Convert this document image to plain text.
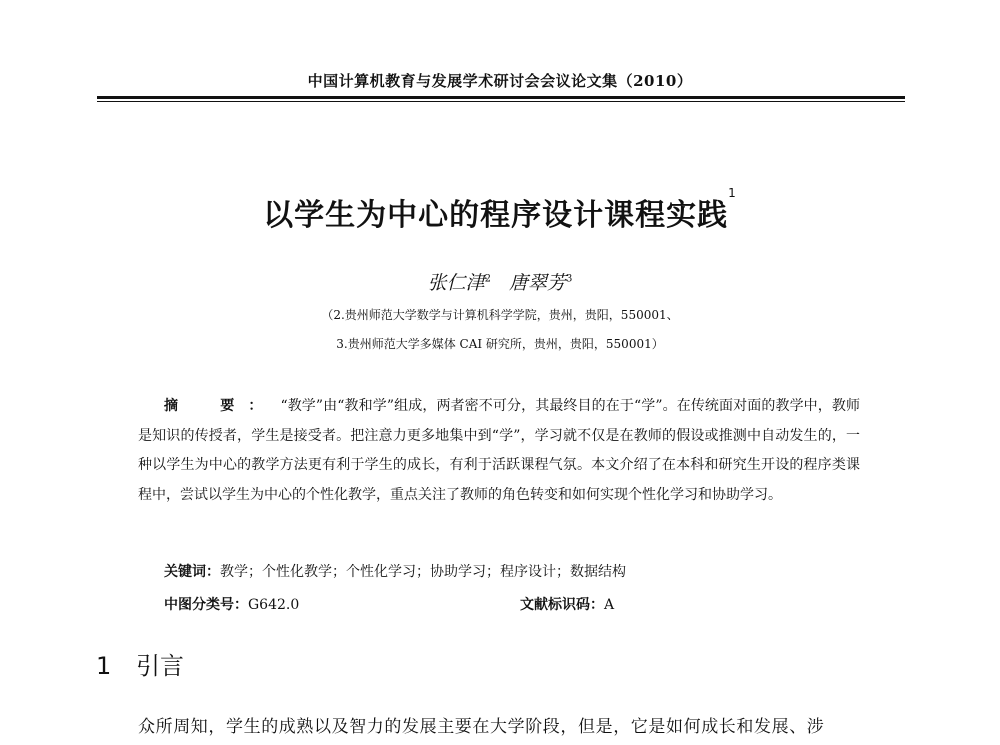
中国计算机教育与发展学术研讨会会议论文集（2010）
以学生为中心的程序设计课程实践$^1$
张仁津$^2$ 唐翠芳$^3$
（2.贵州师范大学数学与计算机科学学院，贵州，贵阳，550001、
3.贵州师范大学多媒体 CAI 研究所，贵州，贵阳，550001）
摘　要： “教学”由“教和学”组成，两者密不可分，其最终目的在于“学”。在传统面对面的教学中，教师是知识的传授者，学生是接受者。把注意力更多地集中到“学”，学习就不仅是在教师的假设或推测中自动发生的，一种以学生为中心的教学方法更有利于学生的成长，有利于活跃课程气氛。本文介绍了在本科和研究生开设的程序类课程中，尝试以学生为中心的个性化教学，重点关注了教师的角色转变和如何实现个性化学习和协助学习。
关键词：教学；个性化教学；个性化学习；协助学习；程序设计；数据结构
中图分类号：G642.0	文献标识码：A
1 引言
众所周知，学生的成熟以及智力的发展主要在大学阶段，但是，它是如何成长和发展、涉
